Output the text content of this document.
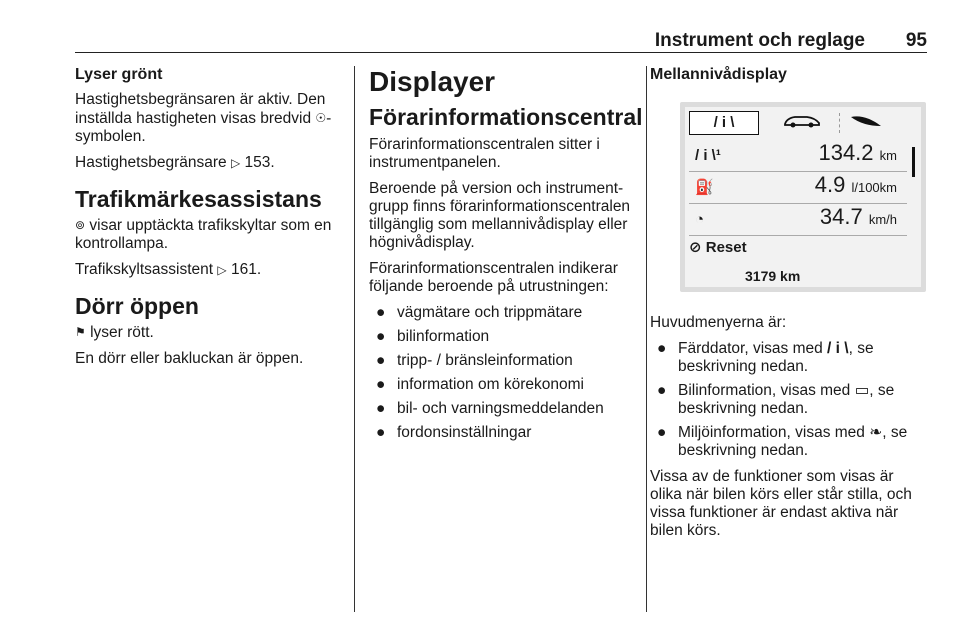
Instrument och reglage 95
Lyser grönt

Hastighetsbegränsaren är aktiv. Den inställda hastigheten visas bredvid ☉-symbolen.

Hastighetsbegränsare ▷ 153.

Trafikmärkesassistans

⊚ visar upptäckta trafikskyltar som en kontrollampa.

Trafikskyltsassistent ▷ 161.

Dörr öppen

⚑ lyser rött.

En dörr eller bakluckan är öppen.

Displayer
Förarinformationscentral

Förarinformationscentralen sitter i instrumentpanelen.

Beroende på version och instrumentgrupp finns förarinformationscentralen tillgänglig som mellannivådisplay eller högnivådisplay.

Förarinformationscentralen indikerar följande beroende på utrustningen:

● vägmätare och trippmätare
● bilinformation
● tripp- / bränsleinformation
● information om körekonomi
● bil- och varningsmeddelanden
● fordonsinställningar
Mellannivådisplay
/ i \
/ i \¹	134.2 km
⛽	4.9 l/100km
◔	34.7 km/h
⊘ Reset
3179 km

Huvudmenyerna är:

● Färddator, visas med / i \, se beskrivning nedan.
● Bilinformation, visas med ▭, se beskrivning nedan.
● Miljöinformation, visas med ❧, se beskrivning nedan.

Vissa av de funktioner som visas är olika när bilen körs eller står stilla, och vissa funktioner är endast aktiva när bilen körs.
